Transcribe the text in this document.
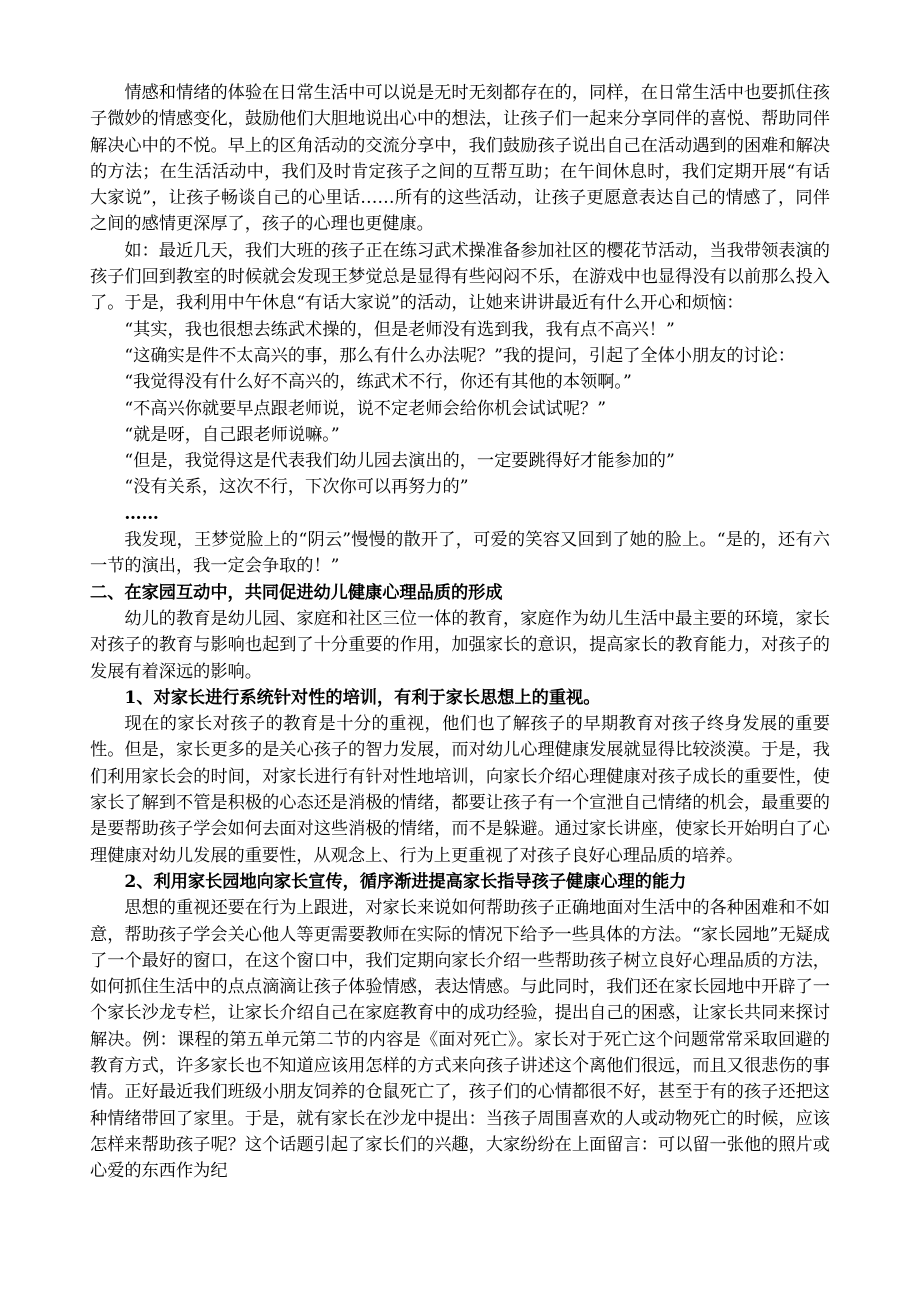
情感和情绪的体验在日常生活中可以说是无时无刻都存在的，同样，在日常生活中也要抓住孩子微妙的情感变化，鼓励他们大胆地说出心中的想法，让孩子们一起来分享同伴的喜悦、帮助同伴解决心中的不悦。早上的区角活动的交流分享中，我们鼓励孩子说出自己在活动遇到的困难和解决的方法；在生活活动中，我们及时肯定孩子之间的互帮互助；在午间休息时，我们定期开展“有话大家说”，让孩子畅谈自己的心里话……所有的这些活动，让孩子更愿意表达自己的情感了，同伴之间的感情更深厚了，孩子的心理也更健康。

如：最近几天，我们大班的孩子正在练习武术操准备参加社区的樱花节活动，当我带领表演的孩子们回到教室的时候就会发现王梦觉总是显得有些闷闷不乐，在游戏中也显得没有以前那么投入了。于是，我利用中午休息“有话大家说”的活动，让她来讲讲最近有什么开心和烦恼：

“其实，我也很想去练武术操的，但是老师没有选到我，我有点不高兴！”

“这确实是件不太高兴的事，那么有什么办法呢？”我的提问，引起了全体小朋友的讨论：

“我觉得没有什么好不高兴的，练武术不行，你还有其他的本领啊。”

“不高兴你就要早点跟老师说，说不定老师会给你机会试试呢？”

“就是呀，自己跟老师说嘛。”

“但是，我觉得这是代表我们幼儿园去演出的，一定要跳得好才能参加的”

“没有关系，这次不行，下次你可以再努力的”

……

我发现，王梦觉脸上的“阴云”慢慢的散开了，可爱的笑容又回到了她的脸上。“是的，还有六一节的演出，我一定会争取的！”

二、在家园互动中，共同促进幼儿健康心理品质的形成

幼儿的教育是幼儿园、家庭和社区三位一体的教育，家庭作为幼儿生活中最主要的环境，家长对孩子的教育与影响也起到了十分重要的作用，加强家长的意识，提高家长的教育能力，对孩子的发展有着深远的影响。

1、对家长进行系统针对性的培训，有利于家长思想上的重视。

现在的家长对孩子的教育是十分的重视，他们也了解孩子的早期教育对孩子终身发展的重要性。但是，家长更多的是关心孩子的智力发展，而对幼儿心理健康发展就显得比较淡漠。于是，我们利用家长会的时间，对家长进行有针对性地培训，向家长介绍心理健康对孩子成长的重要性，使家长了解到不管是积极的心态还是消极的情绪，都要让孩子有一个宣泄自己情绪的机会，最重要的是要帮助孩子学会如何去面对这些消极的情绪，而不是躲避。通过家长讲座，使家长开始明白了心理健康对幼儿发展的重要性，从观念上、行为上更重视了对孩子良好心理品质的培养。

2、利用家长园地向家长宣传，循序渐进提高家长指导孩子健康心理的能力

思想的重视还要在行为上跟进，对家长来说如何帮助孩子正确地面对生活中的各种困难和不如意，帮助孩子学会关心他人等更需要教师在实际的情况下给予一些具体的方法。“家长园地”无疑成了一个最好的窗口，在这个窗口中，我们定期向家长介绍一些帮助孩子树立良好心理品质的方法，如何抓住生活中的点点滴滴让孩子体验情感，表达情感。与此同时，我们还在家长园地中开辟了一个家长沙龙专栏，让家长介绍自己在家庭教育中的成功经验，提出自己的困惑，让家长共同来探讨解决。例：课程的第五单元第二节的内容是《面对死亡》。家长对于死亡这个问题常常采取回避的教育方式，许多家长也不知道应该用怎样的方式来向孩子讲述这个离他们很远，而且又很悲伤的事情。正好最近我们班级小朋友饲养的仓鼠死亡了，孩子们的心情都很不好，甚至于有的孩子还把这种情绪带回了家里。于是，就有家长在沙龙中提出：当孩子周围喜欢的人或动物死亡的时候，应该怎样来帮助孩子呢？这个话题引起了家长们的兴趣，大家纷纷在上面留言：可以留一张他的照片或心爱的东西作为纪
